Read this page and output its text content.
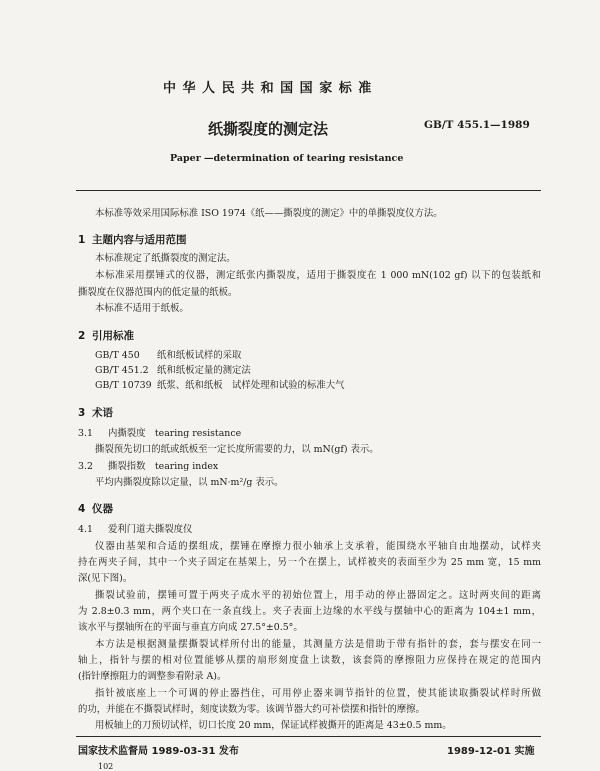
中 华 人 民 共 和 国 国 家 标 准
纸撕裂度的测定法	GB/T 455.1—1989
Paper —determination of tearing resistance
本标准等效采用国际标准 ISO 1974《纸——撕裂度的测定》中的单撕裂度仪方法。
1 主题内容与适用范围
本标准规定了纸撕裂度的测定法。
本标准采用摆锤式的仪器，测定纸张内撕裂度，适用于撕裂度在 1 000 mN(102 gf) 以下的包装纸和
撕裂度在仪器范围内的低定量的纸板。
本标准不适用于纸板。
2 引用标准
GB/T 450 纸和纸板试样的采取
GB/T 451.2 纸和纸板定量的测定法
GB/T 10739 纸浆、纸和纸板　试样处理和试验的标准大气
3 术语
3.1 内撕裂度　tearing resistance
撕裂预先切口的纸或纸板至一定长度所需要的力，以 mN(gf) 表示。
3.2 撕裂指数　tearing index
平均内撕裂度除以定量，以 mN·m²/g 表示。
4 仪器
4.1 爱利门道夫撕裂度仪
仪器由基架和合适的摆组成，摆锤在摩擦力很小轴承上支承着，能围绕水平轴自由地摆动，试样夹
持在两夹子间，其中一个夹子固定在基架上，另一个在摆上，试样被夹的表面至少为 25 mm 宽，15 mm
深(见下图)。
撕裂试验前，摆锤可置于两夹子成水平的初始位置上，用手动的停止器固定之。这时两夹间的距离
为 2.8±0.3 mm，两个夹口在一条直线上。夹子表面上边缘的水平线与摆轴中心的距离为 104±1 mm，
该水平与摆轴所在的平面与垂直方向成 27.5°±0.5°。
本方法是根据测量摆撕裂试样所付出的能量，其测量方法是借助于带有指针的套，套与摆安在同一
轴上，指针与摆的相对位置能够从摆的扇形刻度盘上读数，该套筒的摩擦阻力应保持在规定的范围内
(指针摩擦阻力的调整参看附录 A)。
指针被底座上一个可调的停止器挡住，可用停止器来调节指针的位置，使其能读取撕裂试样时所做
的功，并能在不撕裂试样时，刻度读数为零。该调节器大约可补偿摆和指针的摩擦。
用板轴上的刀预切试样，切口长度 20 mm，保证试样被撕开的距离是 43±0.5 mm。
国家技术监督局 1989-03-31 发布	1989-12-01 实施
102
